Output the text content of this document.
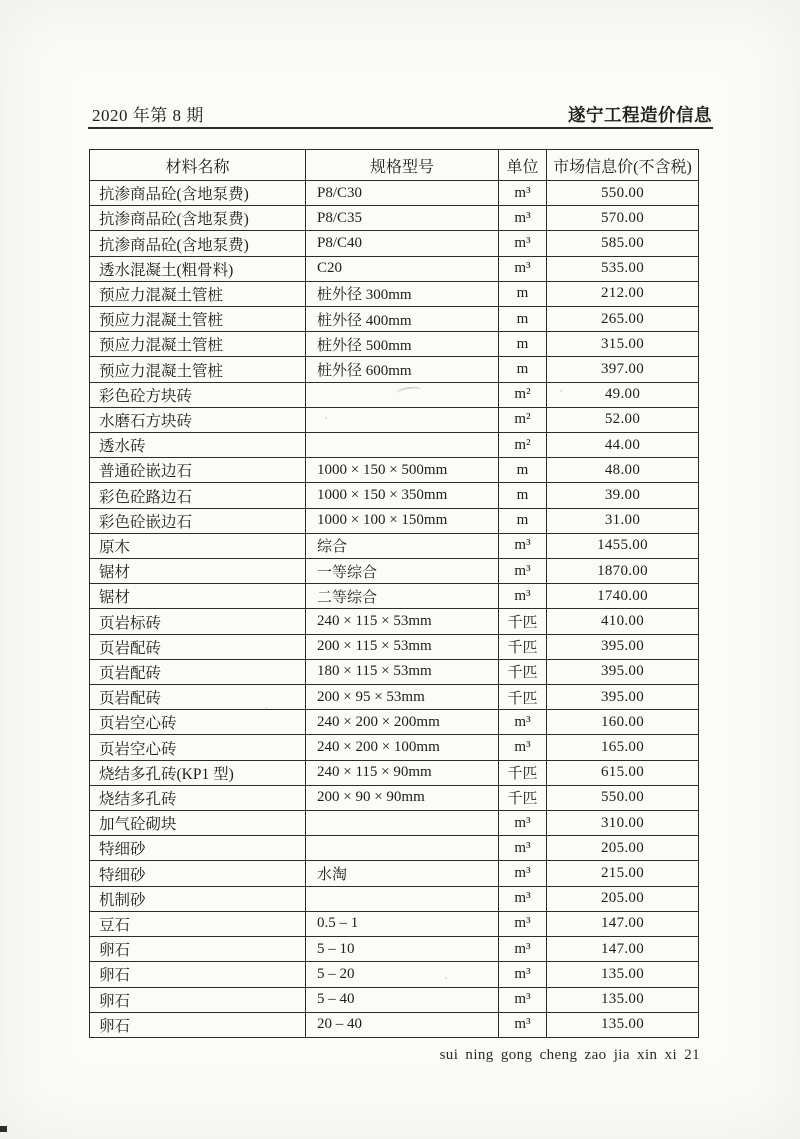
2020 年第 8 期	遂宁工程造价信息
材料名称	规格型号	单位	市场信息价(不含税)
抗渗商品砼(含地泵费)	P8/C30	m³	550.00
抗渗商品砼(含地泵费)	P8/C35	m³	570.00
抗渗商品砼(含地泵费)	P8/C40	m³	585.00
透水混凝土(粗骨料)	C20	m³	535.00
预应力混凝土管桩	桩外径 300mm	m	212.00
预应力混凝土管桩	桩外径 400mm	m	265.00
预应力混凝土管桩	桩外径 500mm	m	315.00
预应力混凝土管桩	桩外径 600mm	m	397.00
彩色砼方块砖		m²	49.00
水磨石方块砖		m²	52.00
透水砖		m²	44.00
普通砼嵌边石	1000 × 150 × 500mm	m	48.00
彩色砼路边石	1000 × 150 × 350mm	m	39.00
彩色砼嵌边石	1000 × 100 × 150mm	m	31.00
原木	综合	m³	1455.00
锯材	一等综合	m³	1870.00
锯材	二等综合	m³	1740.00
页岩标砖	240 × 115 × 53mm	千匹	410.00
页岩配砖	200 × 115 × 53mm	千匹	395.00
页岩配砖	180 × 115 × 53mm	千匹	395.00
页岩配砖	200 × 95 × 53mm	千匹	395.00
页岩空心砖	240 × 200 × 200mm	m³	160.00
页岩空心砖	240 × 200 × 100mm	m³	165.00
烧结多孔砖(KP1 型)	240 × 115 × 90mm	千匹	615.00
烧结多孔砖	200 × 90 × 90mm	千匹	550.00
加气砼砌块		m³	310.00
特细砂		m³	205.00
特细砂	水淘	m³	215.00
机制砂		m³	205.00
豆石	0.5 – 1	m³	147.00
卵石	5 – 10	m³	147.00
卵石	5 – 20	m³	135.00
卵石	5 – 40	m³	135.00
卵石	20 – 40	m³	135.00
sui ning gong cheng zao jia xin xi 21
